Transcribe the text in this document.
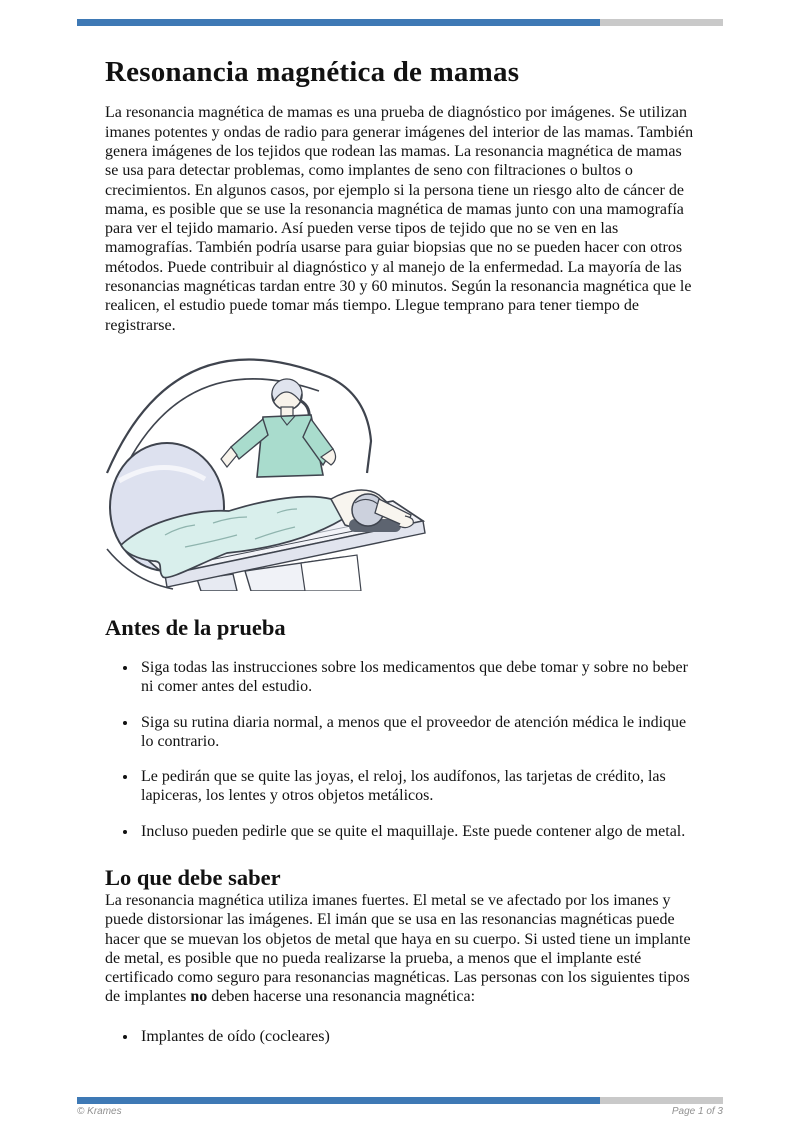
Resonancia magnética de mamas

La resonancia magnética de mamas es una prueba de diagnóstico por imágenes. Se utilizan imanes potentes y ondas de radio para generar imágenes del interior de las mamas. También genera imágenes de los tejidos que rodean las mamas. La resonancia magnética de mamas se usa para detectar problemas, como implantes de seno con filtraciones o bultos o crecimientos. En algunos casos, por ejemplo si la persona tiene un riesgo alto de cáncer de mama, es posible que se use la resonancia magnética de mamas junto con una mamografía para ver el tejido mamario. Así pueden verse tipos de tejido que no se ven en las mamografías. También podría usarse para guiar biopsias que no se pueden hacer con otros métodos. Puede contribuir al diagnóstico y al manejo de la enfermedad. La mayoría de las resonancias magnéticas tardan entre 30 y 60 minutos. Según la resonancia magnética que le realicen, el estudio puede tomar más tiempo. Llegue temprano para tener tiempo de registrarse.

Antes de la prueba
• Siga todas las instrucciones sobre los medicamentos que debe tomar y sobre no beber ni comer antes del estudio.
• Siga su rutina diaria normal, a menos que el proveedor de atención médica le indique lo contrario.
• Le pedirán que se quite las joyas, el reloj, los audífonos, las tarjetas de crédito, las lapiceras, los lentes y otros objetos metálicos.
• Incluso pueden pedirle que se quite el maquillaje. Este puede contener algo de metal.
Lo que debe saber

La resonancia magnética utiliza imanes fuertes. El metal se ve afectado por los imanes y puede distorsionar las imágenes. El imán que se usa en las resonancias magnéticas puede hacer que se muevan los objetos de metal que haya en su cuerpo. Si usted tiene un implante de metal, es posible que no pueda realizarse la prueba, a menos que el implante esté certificado como seguro para resonancias magnéticas. Las personas con los siguientes tipos de implantes no deben hacerse una resonancia magnética:

• Implantes de oído (cocleares)
© Krames	Page 1 of 3
